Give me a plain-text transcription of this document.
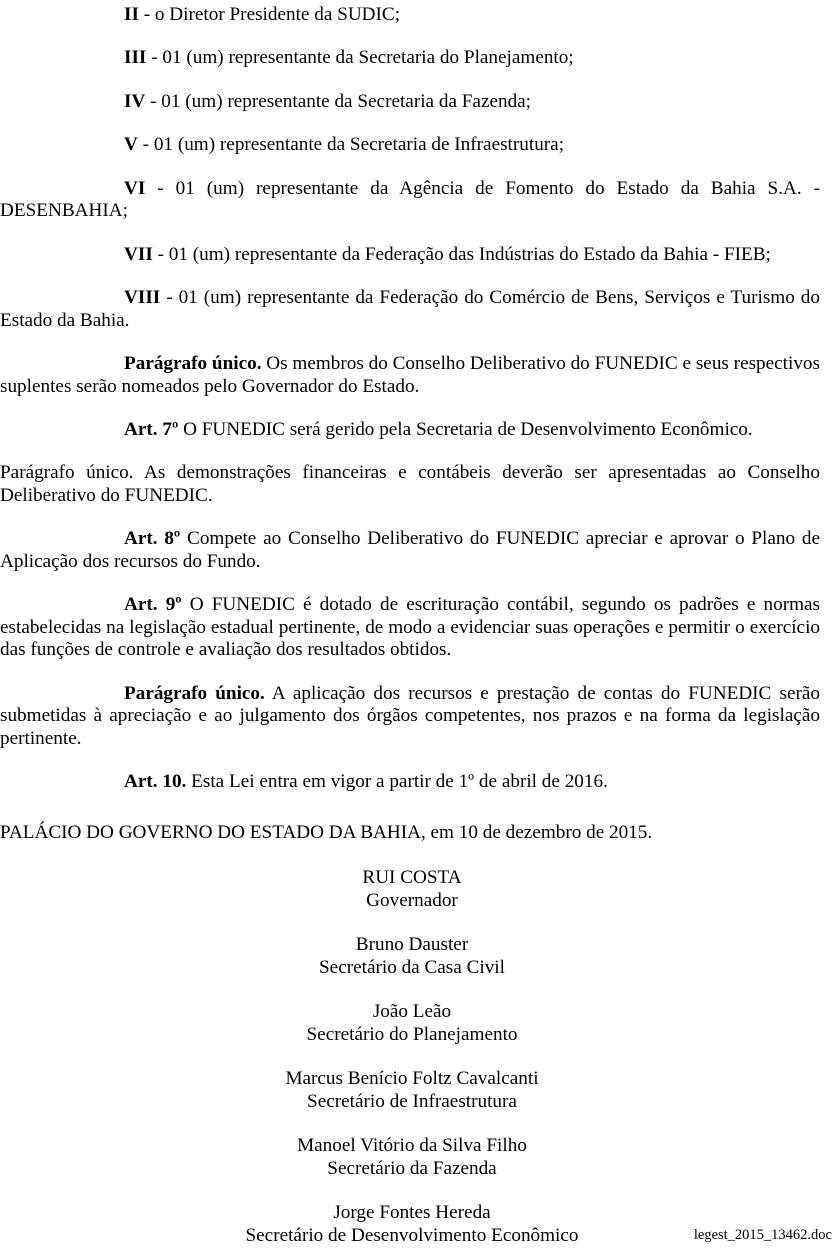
II - o Diretor Presidente da SUDIC;

III - 01 (um) representante da Secretaria do Planejamento;

IV - 01 (um) representante da Secretaria da Fazenda;

V - 01 (um) representante da Secretaria de Infraestrutura;

VI - 01 (um) representante da Agência de Fomento do Estado da Bahia S.A. - DESENBAHIA;

VII - 01 (um) representante da Federação das Indústrias do Estado da Bahia - FIEB;

VIII - 01 (um) representante da Federação do Comércio de Bens, Serviços e Turismo do Estado da Bahia.

Parágrafo único. Os membros do Conselho Deliberativo do FUNEDIC e seus respectivos suplentes serão nomeados pelo Governador do Estado.

Art. 7º O FUNEDIC será gerido pela Secretaria de Desenvolvimento Econômico.

Parágrafo único. As demonstrações financeiras e contábeis deverão ser apresentadas ao Conselho Deliberativo do FUNEDIC.

Art. 8º Compete ao Conselho Deliberativo do FUNEDIC apreciar e aprovar o Plano de Aplicação dos recursos do Fundo.

Art. 9º O FUNEDIC é dotado de escrituração contábil, segundo os padrões e normas estabelecidas na legislação estadual pertinente, de modo a evidenciar suas operações e permitir o exercício das funções de controle e avaliação dos resultados obtidos.

Parágrafo único. A aplicação dos recursos e prestação de contas do FUNEDIC serão submetidas à apreciação e ao julgamento dos órgãos competentes, nos prazos e na forma da legislação pertinente.

Art. 10. Esta Lei entra em vigor a partir de 1º de abril de 2016.

PALÁCIO DO GOVERNO DO ESTADO DA BAHIA, em 10 de dezembro de 2015.

RUI COSTA
Governador
Bruno Dauster
Secretário da Casa Civil
João Leão
Secretário do Planejamento
Marcus Benício Foltz Cavalcanti
Secretário de Infraestrutura
Manoel Vitório da Silva Filho
Secretário da Fazenda
Jorge Fontes Hereda
Secretário de Desenvolvimento Econômico	legest_2015_13462.doc
